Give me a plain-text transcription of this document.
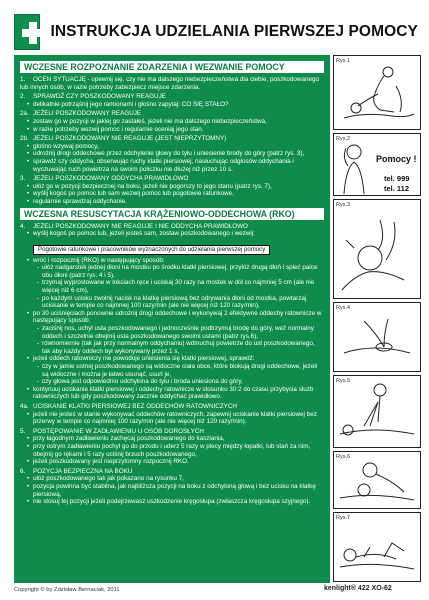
INSTRUKCJA UDZIELANIA PIERWSZEJ POMOCY
WCZESNE ROZPOZNANIE ZDARZENIA I WEZWANIE POMOCY
1. OCEN SYTUACJĘ - upewnij się, czy nie ma dalszego niebezpieczeństwa dla ciebie, poszkodowanego lub innych osób, w razie potrzeby zabezpiecz miejsce zdarzenia.
2. SPRAWDŹ CZY POSZKODOWANY REAGUJE
• delikatnie potrząśnij jego ramionami i głośno zapytaj: CO SIĘ STAŁO?
2a. JEŻELI POSZKODOWANY REAGUJE
• zostaw go w pozycji w jakiej go zastałeś, jeżeli nie ma dalszego niebezpieczeństwa,
• w razie potrzeby wezwij pomoc i regularnie oceniaj jego stan.
2b. JEŻELI POSZKODOWANY NIE REAGUJE (JEST NIEPRZYTOMNY)
• głośno wzywaj pomocy,
• udrożnij drogi oddechowe przez odchylenie głowy do tyłu i uniesienie brody do góry (patrz rys. 3),
• sprawdź czy oddycha, obserwując ruchy klatki piersiowej, nasłuchując odgłosów oddychania i wyczuwając ruch powietrza na swoim policzku nie dłużej niż przez 10 s.
3. JEŻELI POSZKODOWANY ODDYCHA PRAWIDŁOWO
• ułóż go w pozycji bezpiecznej na boku, jeżeli nie pogorszy to jego stanu (patrz rys. 7),
• wyślij kogoś po pomoc lub sam wezwij pomoc lub pogotowie ratunkowe,
• regularnie sprawdzaj oddychanie.
WCZESNA RESUSCYTACJA KRĄŻENIOWO-ODDECHOWA (RKO)
4. JEŻELI POSZKODOWANY NIE REAGUJE I NIE ODDYCHA PRAWIDŁOWO
• wyślij kogoś po pomoc lub, jeżeli jesteś sam, zostaw poszkodowanego i wezwij:
Pogotowie ratunkowe i pracowników wyznaczonych do udzielania pierwszej pomocy
• wróć i rozpocznij (RKO) w następujący sposób:
- ułóż nadgarstek jednej dłoni na mostku po środku klatki piersiowej, przyłóż drugą dłoń i spleć palce obu dłoni (patrz rys. 4 i 5),
- trzymaj wyprostowane w łokciach ręce i uciskaj 30 razy na mostek w dół co najmniej 5 cm (ale nie więcej niż 6 cm),
- po każdym ucisku zwolnij nacisk na klatkę piersiową bez odrywania dłoni od mostka, powtarzaj uciskanie w tempie co najmniej 100 razy/min (ale nie więcej niż 120 razy/min),
• po 30 uciśnięciach ponownie udrożnij drogi oddechowe i wykonywaj 2 efektywne oddechy ratownicze w następujący sposób:
- zaciśnij nos, uchyl usta poszkodowanego i jednocześnie podtrzymuj brodę do góry, weź normalny oddech i szczelnie obejmij usta poszkodowanego swoimi ustami (patrz rys.6),
- równomiernie (tak jak przy normalnym oddychaniu) wdmuchuj powietrze do ust poszkodowanego, tak aby każdy oddech był wykonywany przez 1 s,
• jeżeli oddech ratowniczy nie powoduje uniesienia się klatki piersiowej, sprawdź:
- czy w jamie ustnej poszkodowanego są widoczne ciała obce, które blokują drogi oddechowe, jeżeli są widoczne i można je łatwo usunąć, usuń je,
- czy głowa jest odpowiednio odchylona do tyłu i broda uniesiona do góry,
• kontynuuj uciskanie klatki piersiowej i oddechy ratownicze w stosunku 30:2 do czasu przybycia służb ratowniczych lub gdy poszkodowany zacznie oddychać prawidłowo.
4a. UCISKANIE KLATKI PIERSIOWEJ BEZ ODDECHÓW RATOWNICZYCH
• jeżeli nie jesteś w stanie wykonywać oddechów ratowniczych, zapewnij uciskanie klatki piersiowej bez przerwy w tempie co najmniej 100 razy/min (ale nie więcej niż 120 razy/min).
5. POSTĘPOWANIE W ZADŁAWIENIU U OSÓB DOROSŁYCH
• przy łagodnym zadławieniu zachęcaj poszkodowanego do kaszlania,
• przy ostrym zadławieniu pochyl go do przodu i uderz 5 razy w plecy między łopatki, lub stań za nim, obejmij go rękami i 5 razy uciśnij brzuch poszkodowanego,
• jeżeli poszkodowany jest nieprzytomny rozpocznij RKO.
6. POZYCJA BEZPIECZNA NA BOKU
• ułóż poszkodowanego tak jak pokazano na rysunku 7,
• pozycja powinna być stabilna, jak najbliższa pozycji na boku z odchyloną głową i bez ucisku na klatkę piersiową,
• nie stosuj tej pozycji jeżeli podejrzewasz uszkodzenie kręgosłupa (zwłaszcza kręgosłupa szyjnego).
Rys.1
Rys.2
Pomocy !
tel. 999
tel. 112
Rys.3
Rys.4
Rys.5
Rys.6
Rys.7
Copyright © by Zdzisław Bernaciak, 2011	kenlight® 422 XO-62
